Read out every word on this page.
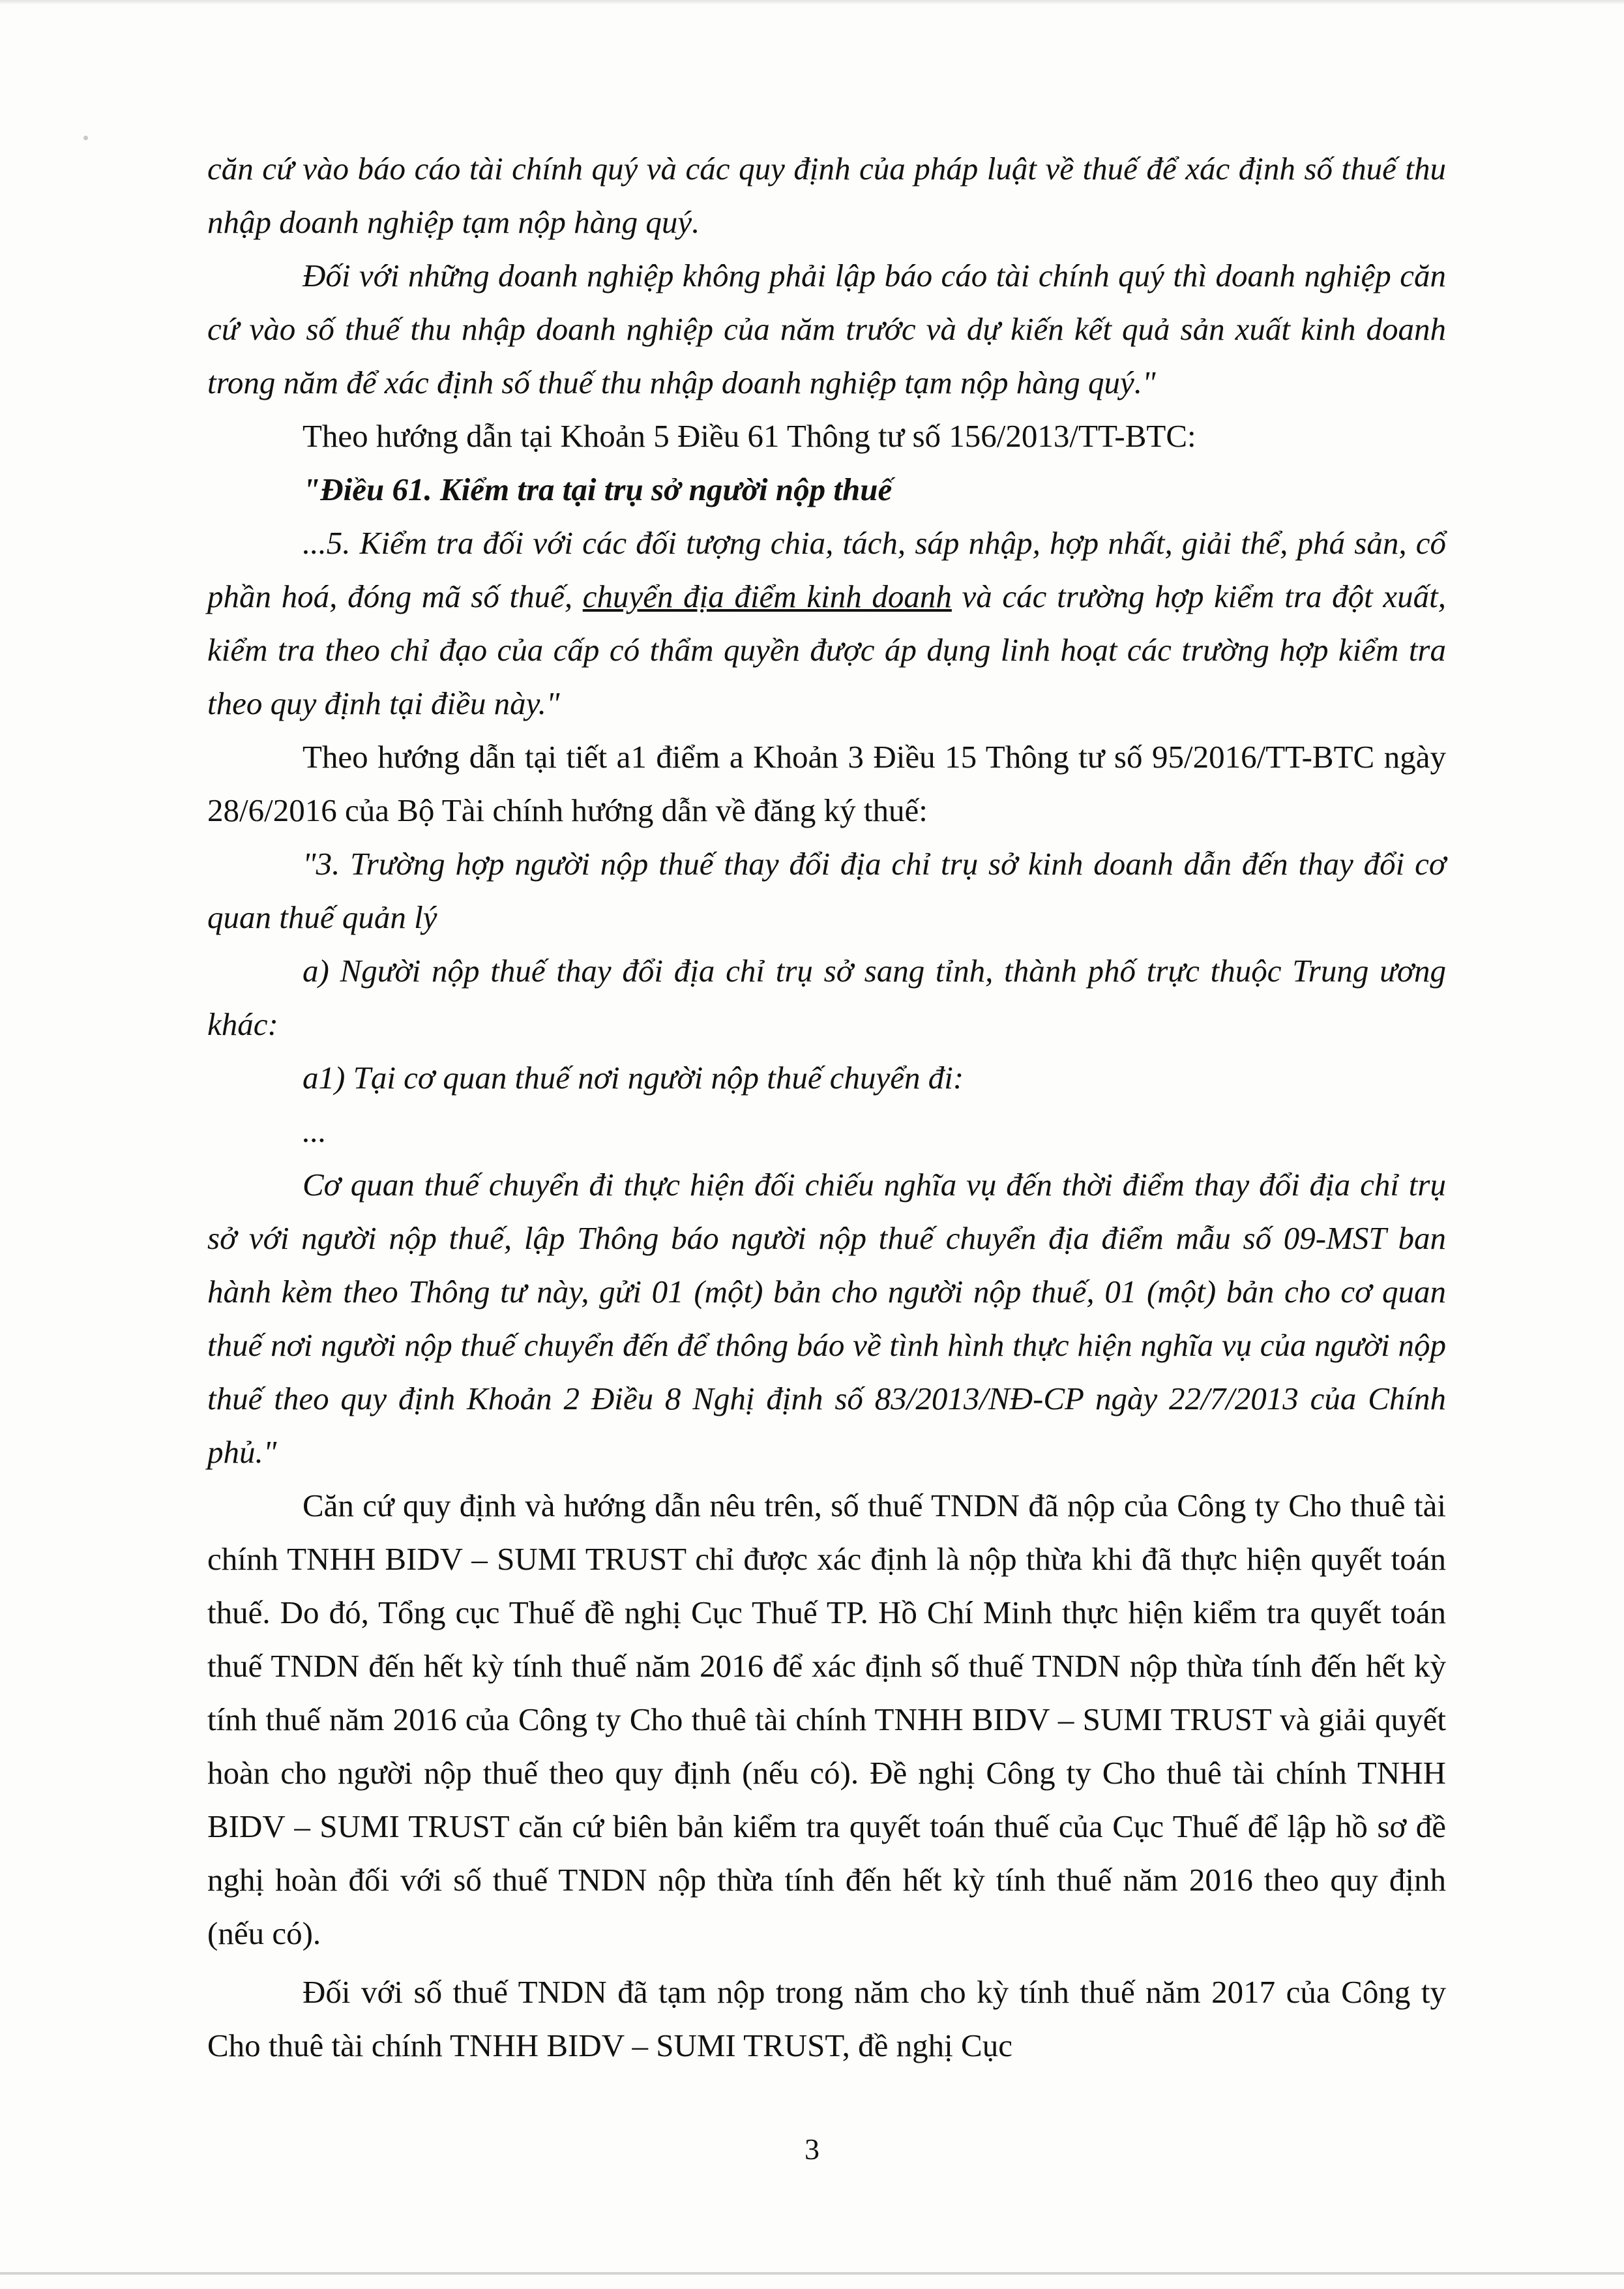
căn cứ vào báo cáo tài chính quý và các quy định của pháp luật về thuế để xác định số thuế thu nhập doanh nghiệp tạm nộp hàng quý.

Đối với những doanh nghiệp không phải lập báo cáo tài chính quý thì doanh nghiệp căn cứ vào số thuế thu nhập doanh nghiệp của năm trước và dự kiến kết quả sản xuất kinh doanh trong năm để xác định số thuế thu nhập doanh nghiệp tạm nộp hàng quý."

Theo hướng dẫn tại Khoản 5 Điều 61 Thông tư số 156/2013/TT-BTC:

"Điều 61. Kiểm tra tại trụ sở người nộp thuế

...5. Kiểm tra đối với các đối tượng chia, tách, sáp nhập, hợp nhất, giải thể, phá sản, cổ phần hoá, đóng mã số thuế, chuyển địa điểm kinh doanh và các trường hợp kiểm tra đột xuất, kiểm tra theo chỉ đạo của cấp có thẩm quyền được áp dụng linh hoạt các trường hợp kiểm tra theo quy định tại điều này."

Theo hướng dẫn tại tiết a1 điểm a Khoản 3 Điều 15 Thông tư số 95/2016/TT-BTC ngày 28/6/2016 của Bộ Tài chính hướng dẫn về đăng ký thuế:

"3. Trường hợp người nộp thuế thay đổi địa chỉ trụ sở kinh doanh dẫn đến thay đổi cơ quan thuế quản lý

a) Người nộp thuế thay đổi địa chỉ trụ sở sang tỉnh, thành phố trực thuộc Trung ương khác:

a1) Tại cơ quan thuế nơi người nộp thuế chuyển đi:

...

Cơ quan thuế chuyển đi thực hiện đối chiếu nghĩa vụ đến thời điểm thay đổi địa chỉ trụ sở với người nộp thuế, lập Thông báo người nộp thuế chuyển địa điểm mẫu số 09-MST ban hành kèm theo Thông tư này, gửi 01 (một) bản cho người nộp thuế, 01 (một) bản cho cơ quan thuế nơi người nộp thuế chuyển đến để thông báo về tình hình thực hiện nghĩa vụ của người nộp thuế theo quy định Khoản 2 Điều 8 Nghị định số 83/2013/NĐ-CP ngày 22/7/2013 của Chính phủ."

Căn cứ quy định và hướng dẫn nêu trên, số thuế TNDN đã nộp của Công ty Cho thuê tài chính TNHH BIDV – SUMI TRUST chỉ được xác định là nộp thừa khi đã thực hiện quyết toán thuế. Do đó, Tổng cục Thuế đề nghị Cục Thuế TP. Hồ Chí Minh thực hiện kiểm tra quyết toán thuế TNDN đến hết kỳ tính thuế năm 2016 để xác định số thuế TNDN nộp thừa tính đến hết kỳ tính thuế năm 2016 của Công ty Cho thuê tài chính TNHH BIDV – SUMI TRUST và giải quyết hoàn cho người nộp thuế theo quy định (nếu có). Đề nghị Công ty Cho thuê tài chính TNHH BIDV – SUMI TRUST căn cứ biên bản kiểm tra quyết toán thuế của Cục Thuế để lập hồ sơ đề nghị hoàn đối với số thuế TNDN nộp thừa tính đến hết kỳ tính thuế năm 2016 theo quy định (nếu có).

Đối với số thuế TNDN đã tạm nộp trong năm cho kỳ tính thuế năm 2017 của Công ty Cho thuê tài chính TNHH BIDV – SUMI TRUST, đề nghị Cục

3
